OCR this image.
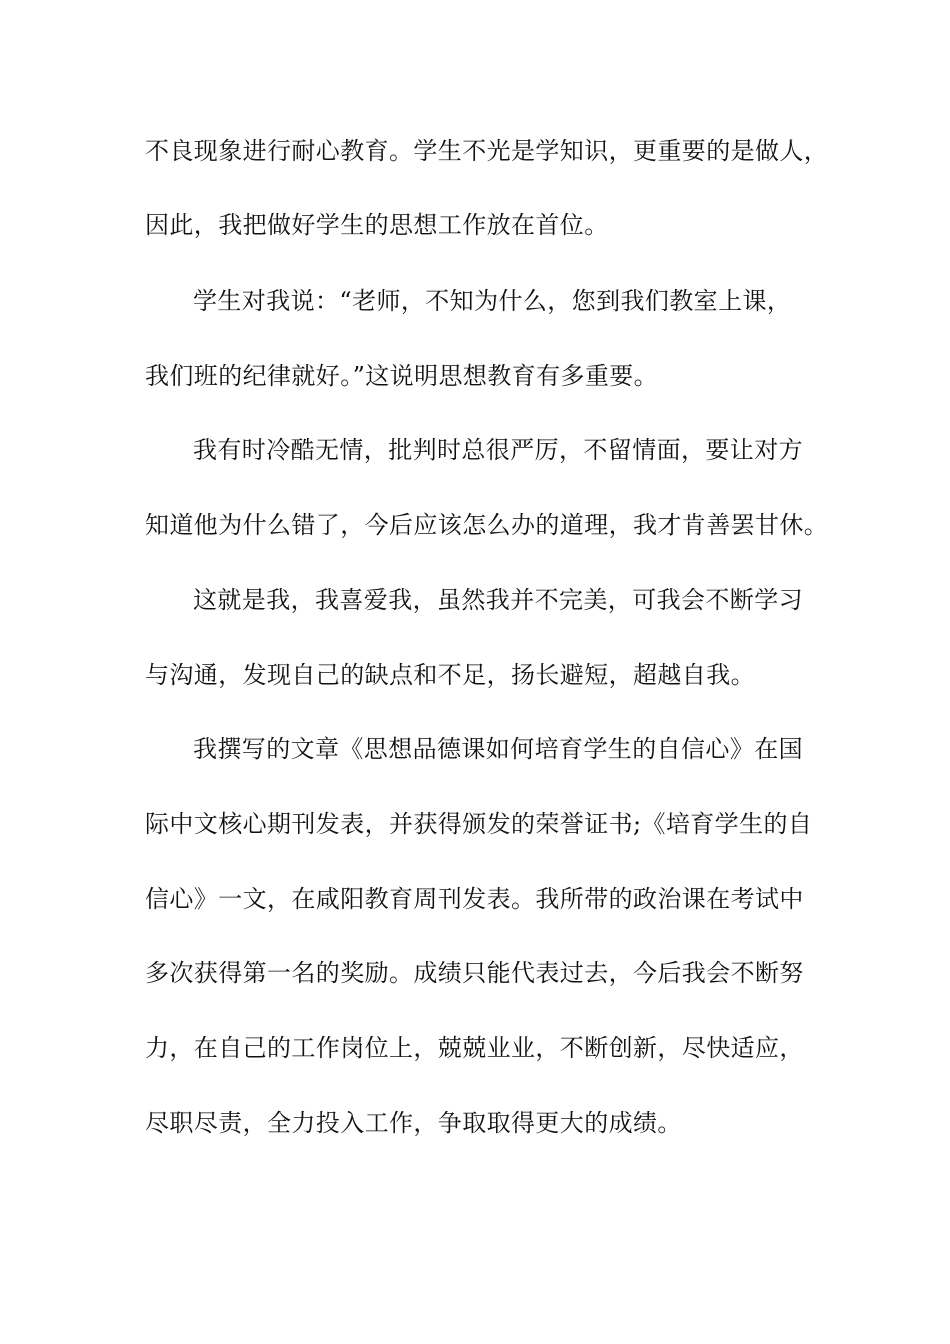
不良现象进行耐心教育。学生不光是学知识，更重要的是做人，
因此，我把做好学生的思想工作放在首位。
学生对我说：“老师，不知为什么，您到我们教室上课，
我们班的纪律就好。”这说明思想教育有多重要。
我有时冷酷无情，批判时总很严厉，不留情面，要让对方
知道他为什么错了，今后应该怎么办的道理，我才肯善罢甘休。
这就是我，我喜爱我，虽然我并不完美，可我会不断学习
与沟通，发现自己的缺点和不足，扬长避短，超越自我。
我撰写的文章《思想品德课如何培育学生的自信心》在国
际中文核心期刊发表，并获得颁发的荣誉证书;《培育学生的自
信心》一文，在咸阳教育周刊发表。我所带的政治课在考试中
多次获得第一名的奖励。成绩只能代表过去，今后我会不断努
力，在自己的工作岗位上，兢兢业业，不断创新，尽快适应，
尽职尽责，全力投入工作，争取取得更大的成绩。
